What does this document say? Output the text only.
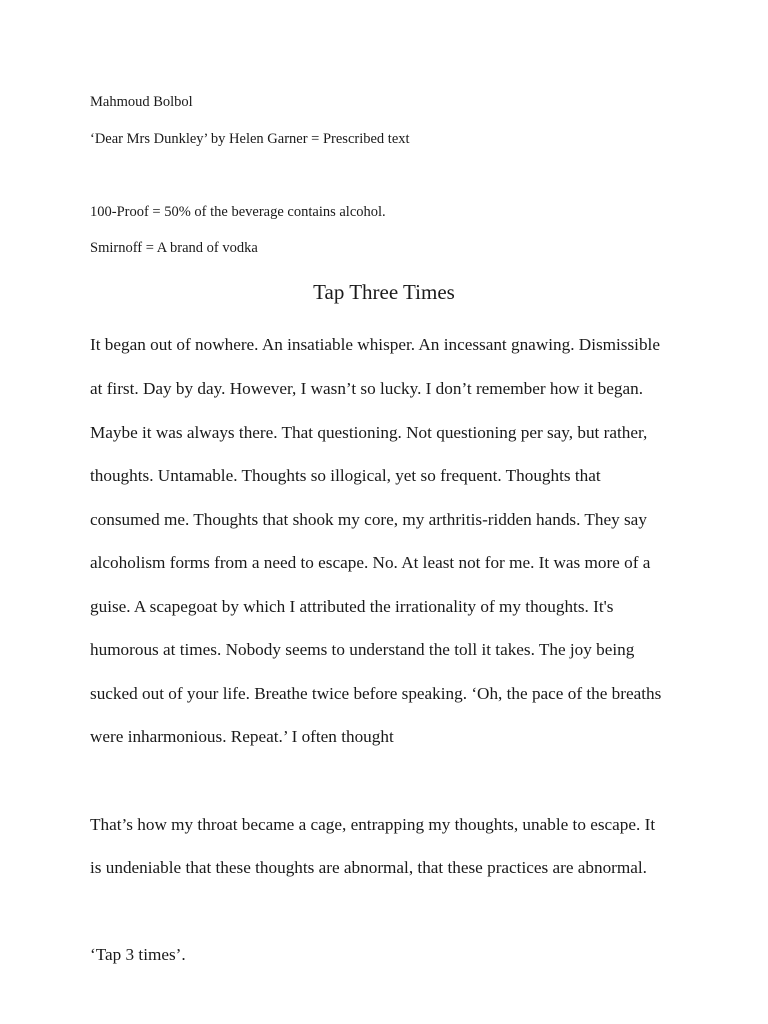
Mahmoud Bolbol

‘Dear Mrs Dunkley’ by Helen Garner = Prescribed text

100-Proof = 50% of the beverage contains alcohol.

Smirnoff = A brand of vodka

Tap Three Times

It began out of nowhere. An insatiable whisper. An incessant gnawing. Dismissible

at first. Day by day. However, I wasn’t so lucky. I don’t remember how it began.

Maybe it was always there. That questioning. Not questioning per say, but rather,

thoughts. Untamable. Thoughts so illogical, yet so frequent. Thoughts that

consumed me. Thoughts that shook my core, my arthritis-ridden hands. They say

alcoholism forms from a need to escape. No. At least not for me. It was more of a

guise. A scapegoat by which I attributed the irrationality of my thoughts. It's

humorous at times. Nobody seems to understand the toll it takes. The joy being

sucked out of your life. Breathe twice before speaking. ‘Oh, the pace of the breaths

were inharmonious. Repeat.’ I often thought

That’s how my throat became a cage, entrapping my thoughts, unable to escape. It

is undeniable that these thoughts are abnormal, that these practices are abnormal.

‘Tap 3 times’.
